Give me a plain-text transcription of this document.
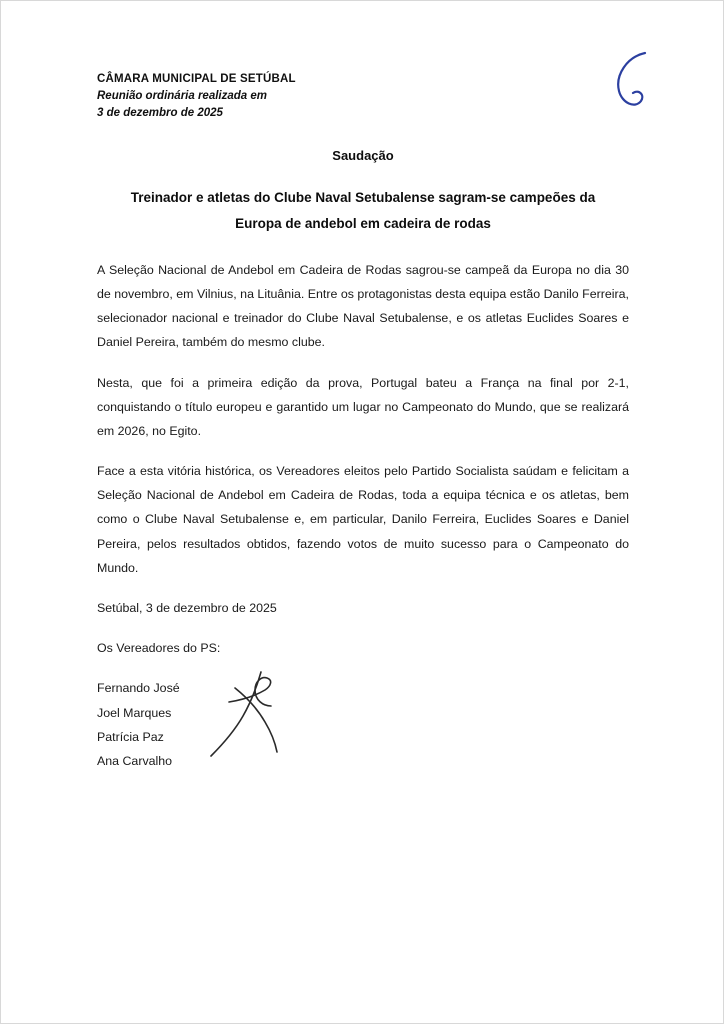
CÂMARA MUNICIPAL DE SETÚBAL
Reunião ordinária realizada em
3 de dezembro de 2025
Saudação
Treinador e atletas do Clube Naval Setubalense sagram-se campeões da
Europa de andebol em cadeira de rodas

A Seleção Nacional de Andebol em Cadeira de Rodas sagrou-se campeã da Europa no dia 30 de novembro, em Vilnius, na Lituânia. Entre os protagonistas desta equipa estão Danilo Ferreira, selecionador nacional e treinador do Clube Naval Setubalense, e os atletas Euclides Soares e Daniel Pereira, também do mesmo clube.

Nesta, que foi a primeira edição da prova, Portugal bateu a França na final por 2-1, conquistando o título europeu e garantido um lugar no Campeonato do Mundo, que se realizará em 2026, no Egito.

Face a esta vitória histórica, os Vereadores eleitos pelo Partido Socialista saúdam e felicitam a Seleção Nacional de Andebol em Cadeira de Rodas, toda a equipa técnica e os atletas, bem como o Clube Naval Setubalense e, em particular, Danilo Ferreira, Euclides Soares e Daniel Pereira, pelos resultados obtidos, fazendo votos de muito sucesso para o Campeonato do Mundo.

Setúbal, 3 de dezembro de 2025
Os Vereadores do PS:
Fernando José
Joel Marques
Patrícia Paz
Ana Carvalho
